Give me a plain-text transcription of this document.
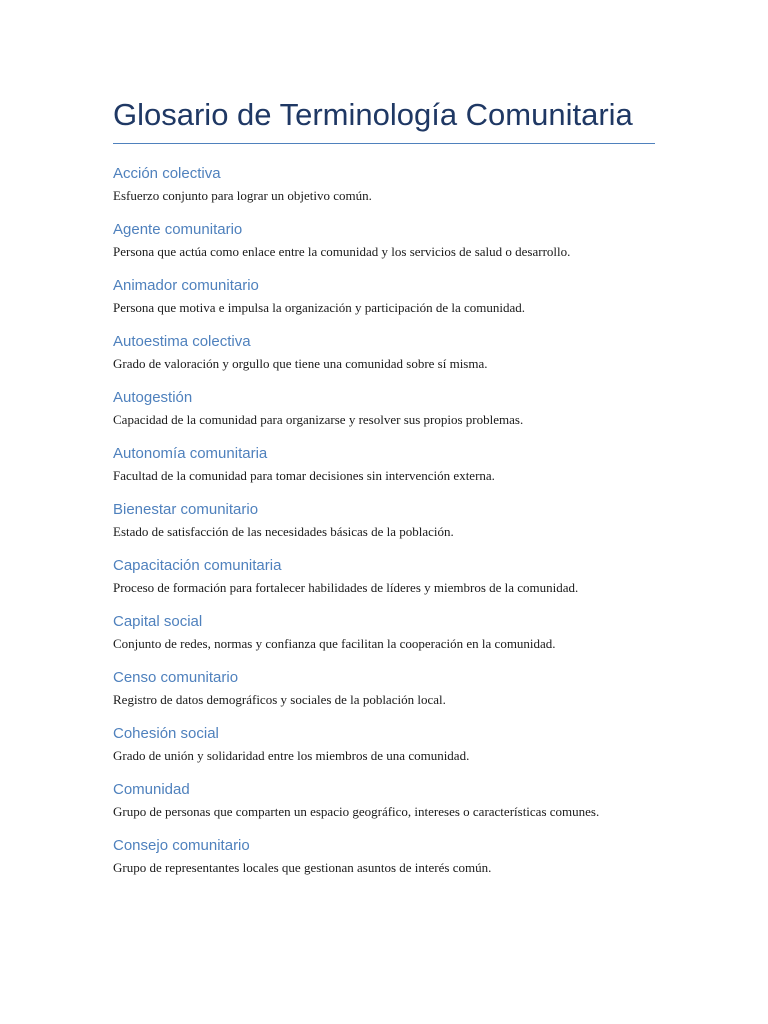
Glosario de Terminología Comunitaria
Acción colectiva

Esfuerzo conjunto para lograr un objetivo común.

Agente comunitario

Persona que actúa como enlace entre la comunidad y los servicios de salud o desarrollo.

Animador comunitario

Persona que motiva e impulsa la organización y participación de la comunidad.

Autoestima colectiva

Grado de valoración y orgullo que tiene una comunidad sobre sí misma.

Autogestión

Capacidad de la comunidad para organizarse y resolver sus propios problemas.

Autonomía comunitaria

Facultad de la comunidad para tomar decisiones sin intervención externa.

Bienestar comunitario

Estado de satisfacción de las necesidades básicas de la población.

Capacitación comunitaria

Proceso de formación para fortalecer habilidades de líderes y miembros de la comunidad.

Capital social

Conjunto de redes, normas y confianza que facilitan la cooperación en la comunidad.

Censo comunitario

Registro de datos demográficos y sociales de la población local.

Cohesión social

Grado de unión y solidaridad entre los miembros de una comunidad.

Comunidad

Grupo de personas que comparten un espacio geográfico, intereses o características comunes.

Consejo comunitario

Grupo de representantes locales que gestionan asuntos de interés común.
